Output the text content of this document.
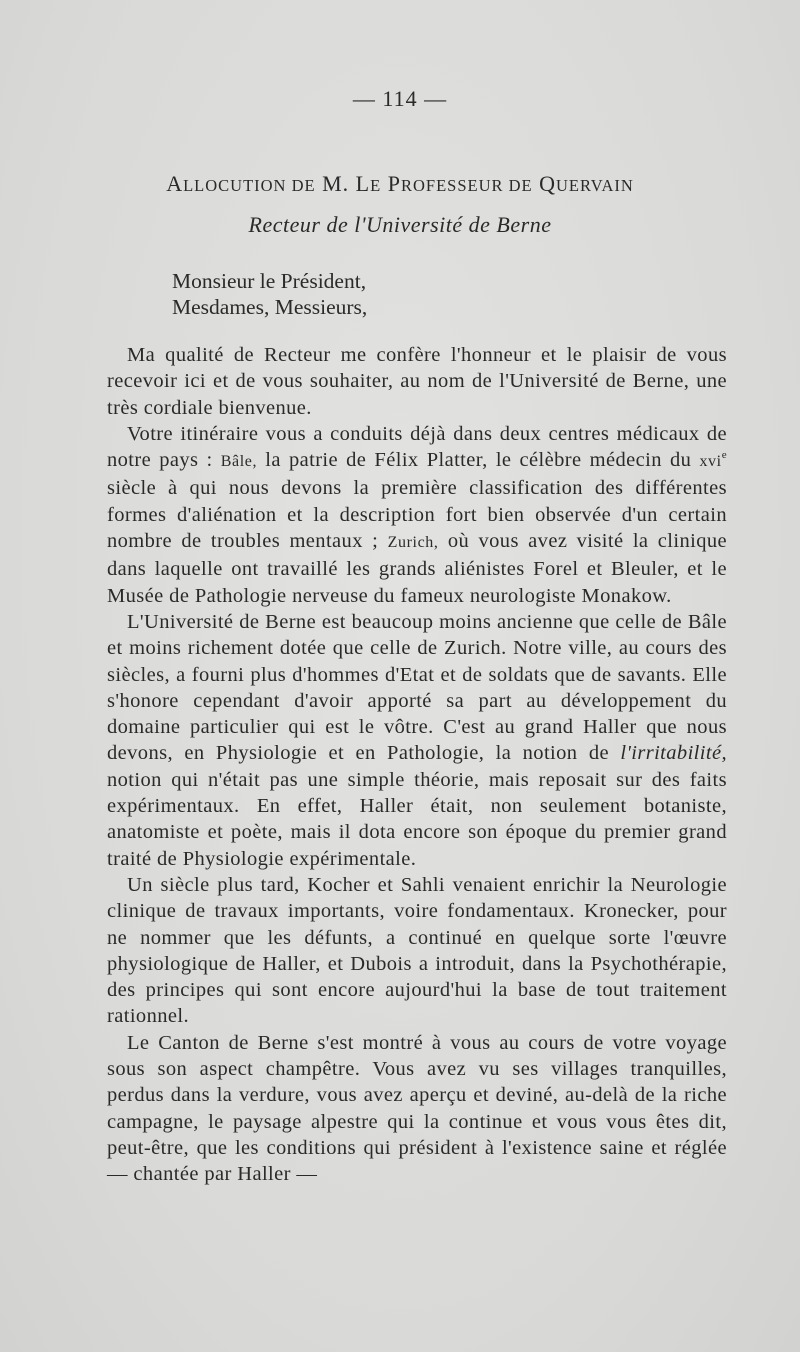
— 114 —
ALLOCUTION DE M. LE PROFESSEUR DE QUERVAIN
Recteur de l'Université de Berne
Monsieur le Président,
Mesdames, Messieurs,

Ma qualité de Recteur me confère l'honneur et le plaisir de vous recevoir ici et de vous souhaiter, au nom de l'Université de Berne, une très cordiale bienvenue.

Votre itinéraire vous a conduits déjà dans deux centres médicaux de notre pays : Bâle, la patrie de Félix Platter, le célèbre médecin du xvi$^e$ siècle à qui nous devons la première classification des différentes formes d'aliénation et la description fort bien observée d'un certain nombre de troubles mentaux ; Zurich, où vous avez visité la clinique dans laquelle ont travaillé les grands aliénistes Forel et Bleuler, et le Musée de Pathologie nerveuse du fameux neurologiste Monakow.

L'Université de Berne est beaucoup moins ancienne que celle de Bâle et moins richement dotée que celle de Zurich. Notre ville, au cours des siècles, a fourni plus d'hommes d'Etat et de soldats que de savants. Elle s'honore cependant d'avoir apporté sa part au développement du domaine particulier qui est le vôtre. C'est au grand Haller que nous devons, en Physiologie et en Pathologie, la notion de l'irritabilité, notion qui n'était pas une simple théorie, mais reposait sur des faits expérimentaux. En effet, Haller était, non seulement botaniste, anatomiste et poète, mais il dota encore son époque du premier grand traité de Physiologie expérimentale.

Un siècle plus tard, Kocher et Sahli venaient enrichir la Neurologie clinique de travaux importants, voire fondamentaux. Kronecker, pour ne nommer que les défunts, a continué en quelque sorte l'œuvre physiologique de Haller, et Dubois a introduit, dans la Psychothérapie, des principes qui sont encore aujourd'hui la base de tout traitement rationnel.

Le Canton de Berne s'est montré à vous au cours de votre voyage sous son aspect champêtre. Vous avez vu ses villages tranquilles, perdus dans la verdure, vous avez aperçu et deviné, au-delà de la riche campagne, le paysage alpestre qui la continue et vous vous êtes dit, peut-être, que les conditions qui président à l'existence saine et réglée — chantée par Haller —
